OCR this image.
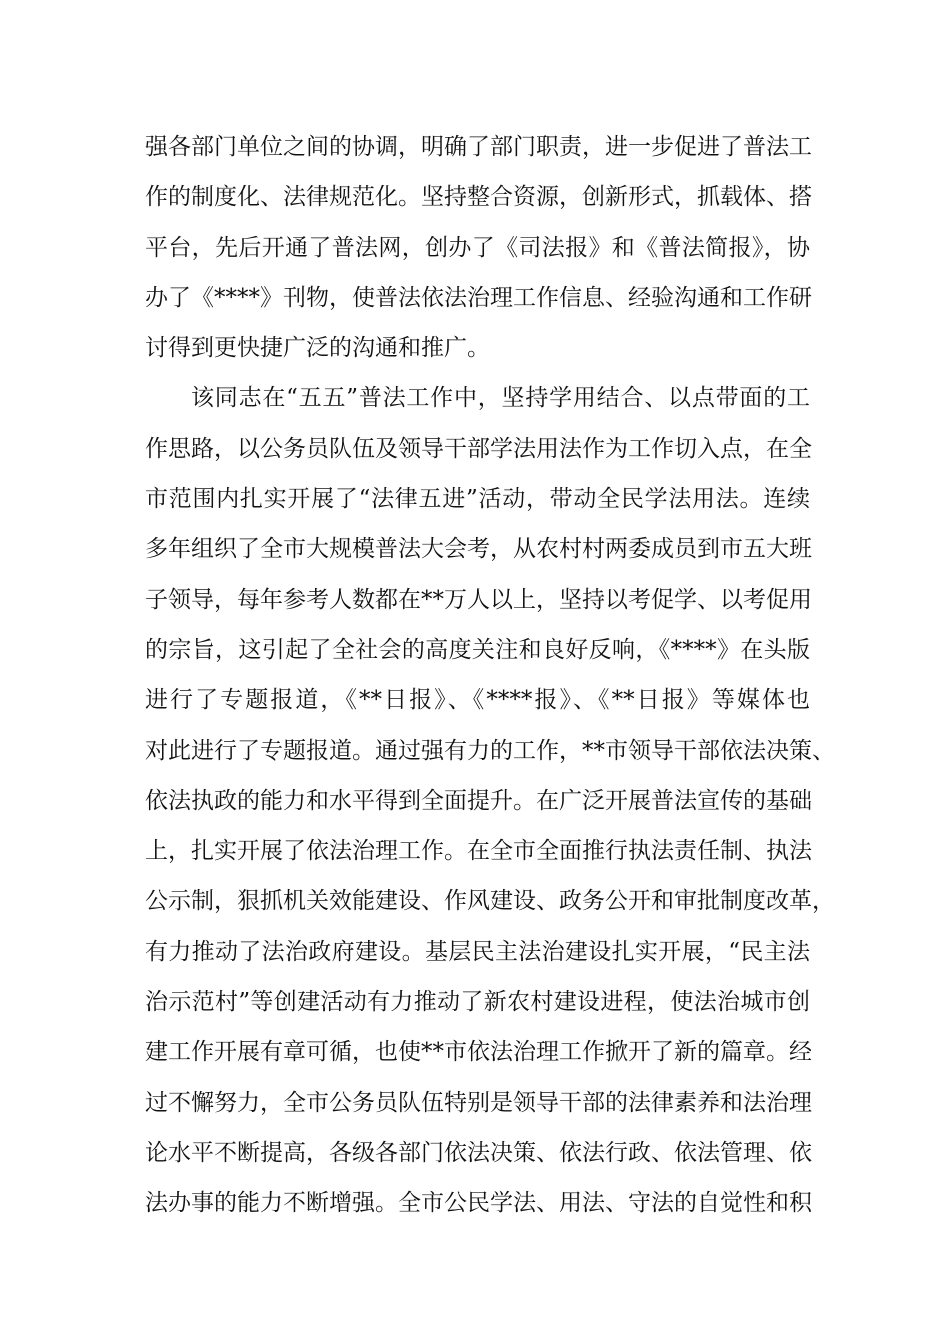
强各部门单位之间的协调，明确了部门职责，进一步促进了普法工
作的制度化、法律规范化。坚持整合资源，创新形式，抓载体、搭
平台，先后开通了普法网，创办了《司法报》和《普法简报》，协
办了《****》刊物，使普法依法治理工作信息、经验沟通和工作研
讨得到更快捷广泛的沟通和推广。
该同志在“五五”普法工作中，坚持学用结合、以点带面的工
作思路，以公务员队伍及领导干部学法用法作为工作切入点，在全
市范围内扎实开展了“法律五进”活动，带动全民学法用法。连续
多年组织了全市大规模普法大会考，从农村村两委成员到市五大班
子领导，每年参考人数都在**万人以上，坚持以考促学、以考促用
的宗旨，这引起了全社会的高度关注和良好反响，《****》在头版
进行了专题报道，《**日报》、《****报》、《**日报》等媒体也
对此进行了专题报道。通过强有力的工作，**市领导干部依法决策、
依法执政的能力和水平得到全面提升。在广泛开展普法宣传的基础
上，扎实开展了依法治理工作。在全市全面推行执法责任制、执法
公示制，狠抓机关效能建设、作风建设、政务公开和审批制度改革，
有力推动了法治政府建设。基层民主法治建设扎实开展，“民主法
治示范村”等创建活动有力推动了新农村建设进程，使法治城市创
建工作开展有章可循，也使**市依法治理工作掀开了新的篇章。经
过不懈努力，全市公务员队伍特别是领导干部的法律素养和法治理
论水平不断提高，各级各部门依法决策、依法行政、依法管理、依
法办事的能力不断增强。全市公民学法、用法、守法的自觉性和积
